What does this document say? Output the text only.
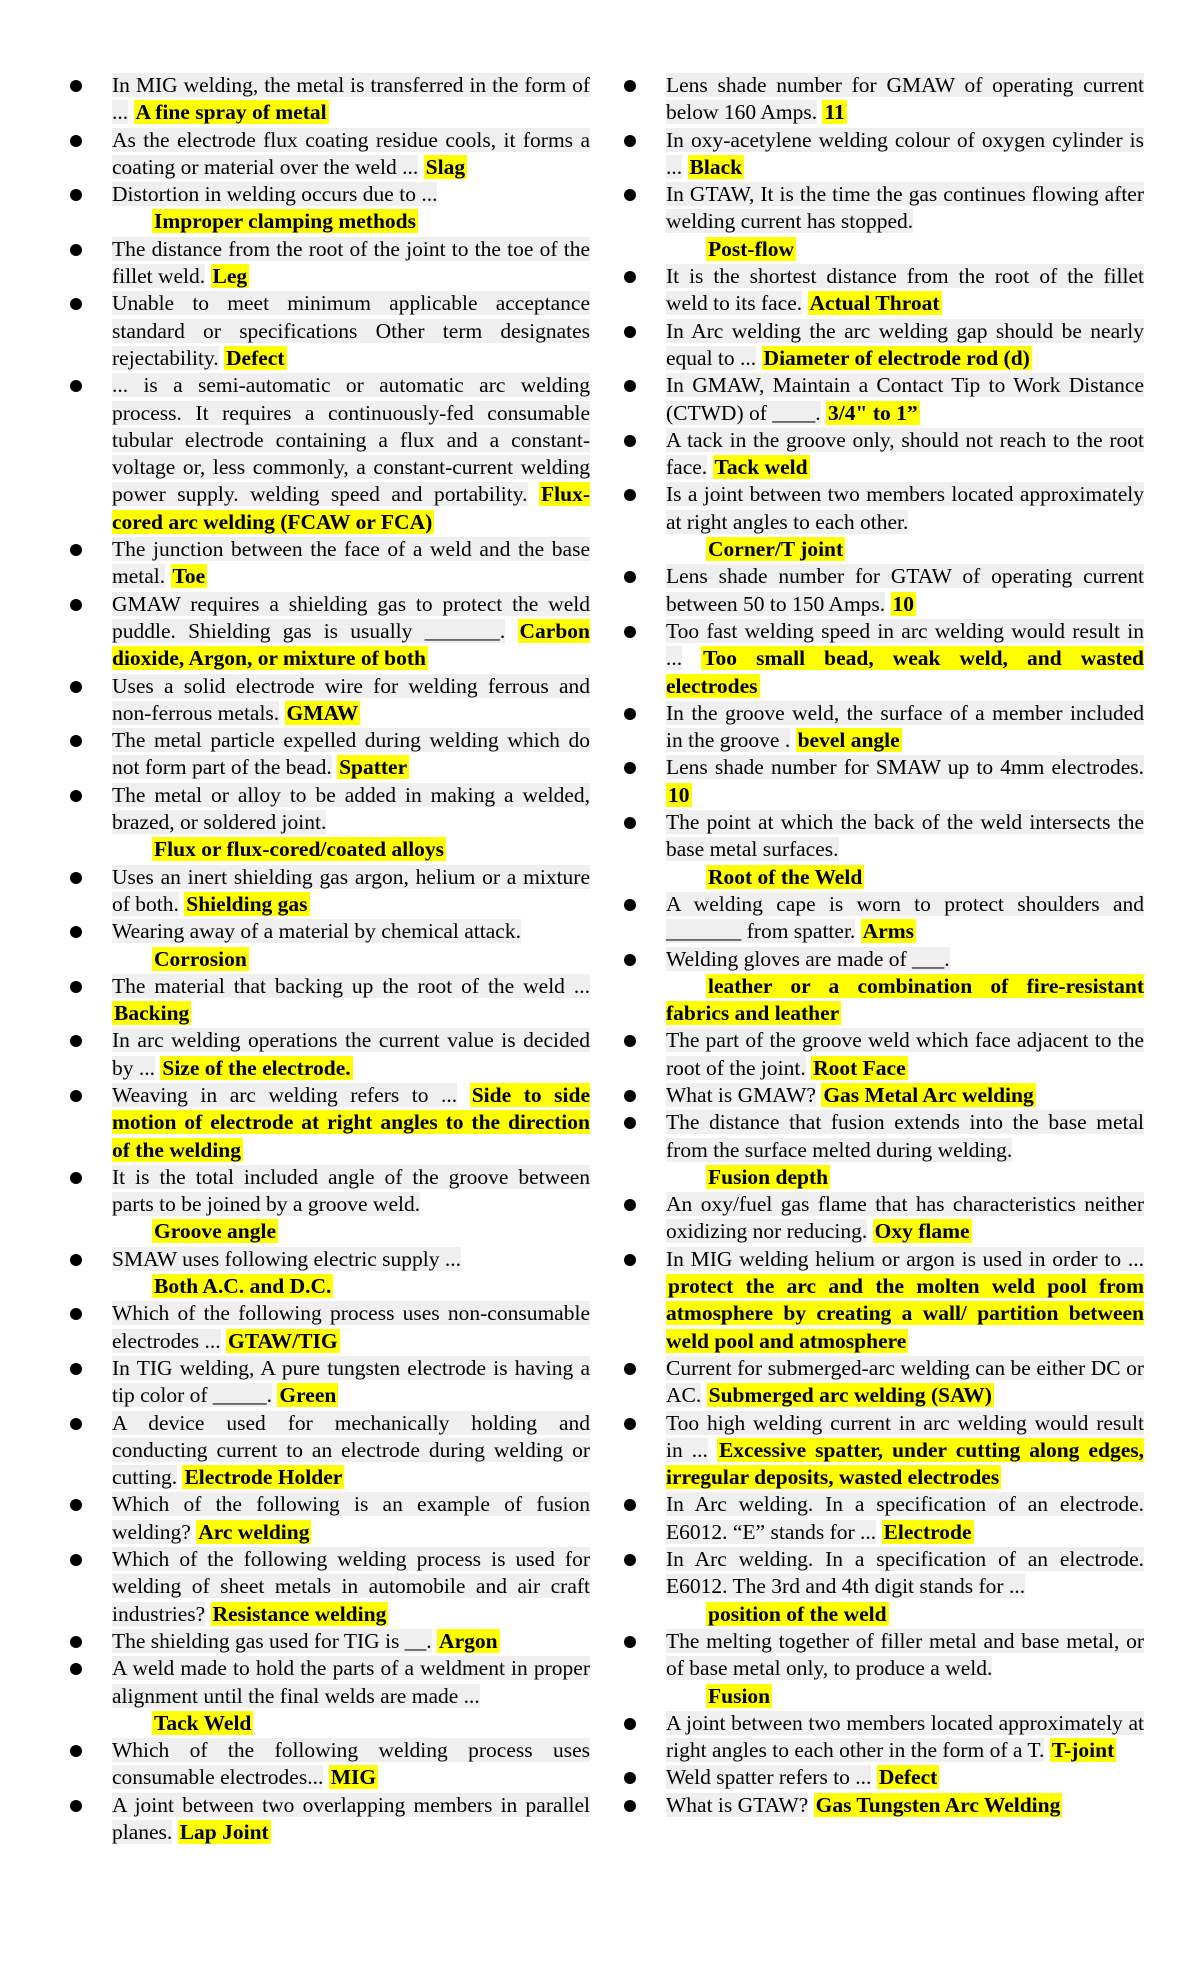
In MIG welding, the metal is transferred in the form of ... A fine spray of metal
As the electrode flux coating residue cools, it forms a coating or material over the weld ... Slag
Distortion in welding occurs due to ...
Improper clamping methods
The distance from the root of the joint to the toe of the fillet weld. Leg
Unable to meet minimum applicable acceptance standard or specifications Other term designates rejectability. Defect
... is a semi-automatic or automatic arc welding process. It requires a continuously-fed consumable tubular electrode containing a flux and a constant-voltage or, less commonly, a constant-current welding power supply. welding speed and portability. Flux-cored arc welding (FCAW or FCA)
The junction between the face of a weld and the base metal. Toe
GMAW requires a shielding gas to protect the weld puddle. Shielding gas is usually _______. Carbon dioxide, Argon, or mixture of both
Uses a solid electrode wire for welding ferrous and non-ferrous metals. GMAW
The metal particle expelled during welding which do not form part of the bead. Spatter
The metal or alloy to be added in making a welded, brazed, or soldered joint.
Flux or flux-cored/coated alloys
Uses an inert shielding gas argon, helium or a mixture of both. Shielding gas
Wearing away of a material by chemical attack.
Corrosion
The material that backing up the root of the weld ... Backing
In arc welding operations the current value is decided by ... Size of the electrode.
Weaving in arc welding refers to ... Side to side motion of electrode at right angles to the direction of the welding
It is the total included angle of the groove between parts to be joined by a groove weld.
Groove angle
SMAW uses following electric supply ...
Both A.C. and D.C.
Which of the following process uses non-consumable electrodes ... GTAW/TIG
In TIG welding, A pure tungsten electrode is having a tip color of _____. Green
A device used for mechanically holding and conducting current to an electrode during welding or cutting. Electrode Holder
Which of the following is an example of fusion welding? Arc welding
Which of the following welding process is used for welding of sheet metals in automobile and air craft industries? Resistance welding
The shielding gas used for TIG is __. Argon
A weld made to hold the parts of a weldment in proper alignment until the final welds are made ...
Tack Weld
Which of the following welding process uses consumable electrodes... MIG
A joint between two overlapping members in parallel planes. Lap Joint
Lens shade number for GMAW of operating current below 160 Amps. 11
In oxy-acetylene welding colour of oxygen cylinder is ... Black
In GTAW, It is the time the gas continues flowing after welding current has stopped.
Post-flow
It is the shortest distance from the root of the fillet weld to its face. Actual Throat
In Arc welding the arc welding gap should be nearly equal to ... Diameter of electrode rod (d)
In GMAW, Maintain a Contact Tip to Work Distance (CTWD) of ____. 3/4" to 1”
A tack in the groove only, should not reach to the root face. Tack weld
Is a joint between two members located approximately at right angles to each other.
Corner/T joint
Lens shade number for GTAW of operating current between 50 to 150 Amps. 10
Too fast welding speed in arc welding would result in ... Too small bead, weak weld, and wasted electrodes
In the groove weld, the surface of a member included in the groove . bevel angle
Lens shade number for SMAW up to 4mm electrodes. 10
The point at which the back of the weld intersects the base metal surfaces.
Root of the Weld
A welding cape is worn to protect shoulders and _______ from spatter. Arms
Welding gloves are made of ___.
leather or a combination of fire-resistant fabrics and leather
The part of the groove weld which face adjacent to the root of the joint. Root Face
What is GMAW? Gas Metal Arc welding
The distance that fusion extends into the base metal from the surface melted during welding.
Fusion depth
An oxy/fuel gas flame that has characteristics neither oxidizing nor reducing. Oxy flame
In MIG welding helium or argon is used in order to ... protect the arc and the molten weld pool from atmosphere by creating a wall/ partition between weld pool and atmosphere
Current for submerged-arc welding can be either DC or AC. Submerged arc welding (SAW)
Too high welding current in arc welding would result in ... Excessive spatter, under cutting along edges, irregular deposits, wasted electrodes
In Arc welding. In a specification of an electrode. E6012. “E” stands for ... Electrode
In Arc welding. In a specification of an electrode. E6012. The 3rd and 4th digit stands for ...
position of the weld
The melting together of filler metal and base metal, or of base metal only, to produce a weld.
Fusion
A joint between two members located approximately at right angles to each other in the form of a T. T-joint
Weld spatter refers to ... Defect
What is GTAW? Gas Tungsten Arc Welding
